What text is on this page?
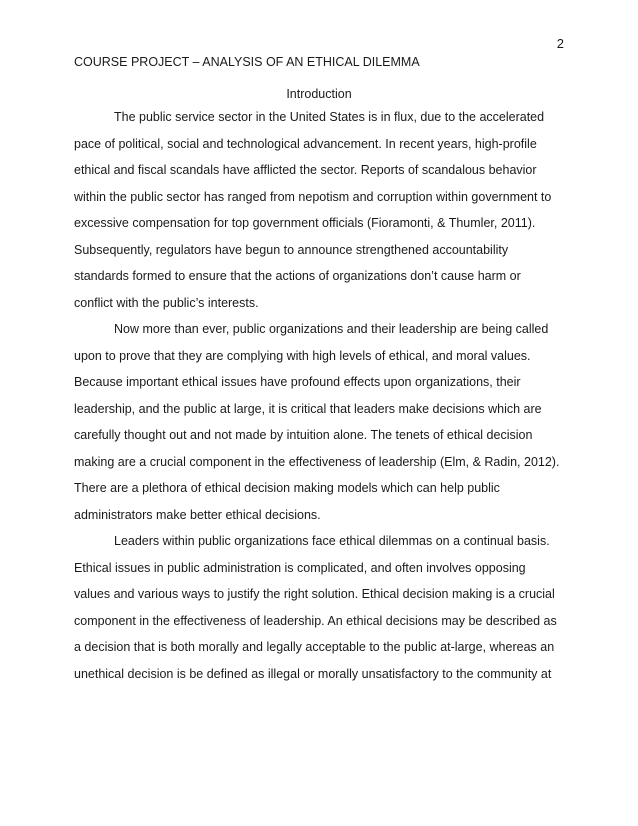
2
COURSE PROJECT – ANALYSIS OF AN ETHICAL DILEMMA
Introduction
The public service sector in the United States is in flux, due to the accelerated
pace of political, social and technological advancement. In recent years, high-profile
ethical and fiscal scandals have afflicted the sector. Reports of scandalous behavior
within the public sector has ranged from nepotism and corruption within government to
excessive compensation for top government officials (Fioramonti, & Thumler, 2011).
Subsequently, regulators have begun to announce strengthened accountability
standards formed to ensure that the actions of organizations don’t cause harm or
conflict with the public’s interests.
Now more than ever, public organizations and their leadership are being called
upon to prove that they are complying with high levels of ethical, and moral values.
Because important ethical issues have profound effects upon organizations, their
leadership, and the public at large, it is critical that leaders make decisions which are
carefully thought out and not made by intuition alone. The tenets of ethical decision
making are a crucial component in the effectiveness of leadership (Elm, & Radin, 2012).
There are a plethora of ethical decision making models which can help public
administrators make better ethical decisions.
Leaders within public organizations face ethical dilemmas on a continual basis.
Ethical issues in public administration is complicated, and often involves opposing
values and various ways to justify the right solution. Ethical decision making is a crucial
component in the effectiveness of leadership. An ethical decisions may be described as
a decision that is both morally and legally acceptable to the public at-large, whereas an
unethical decision is be defined as illegal or morally unsatisfactory to the community at
